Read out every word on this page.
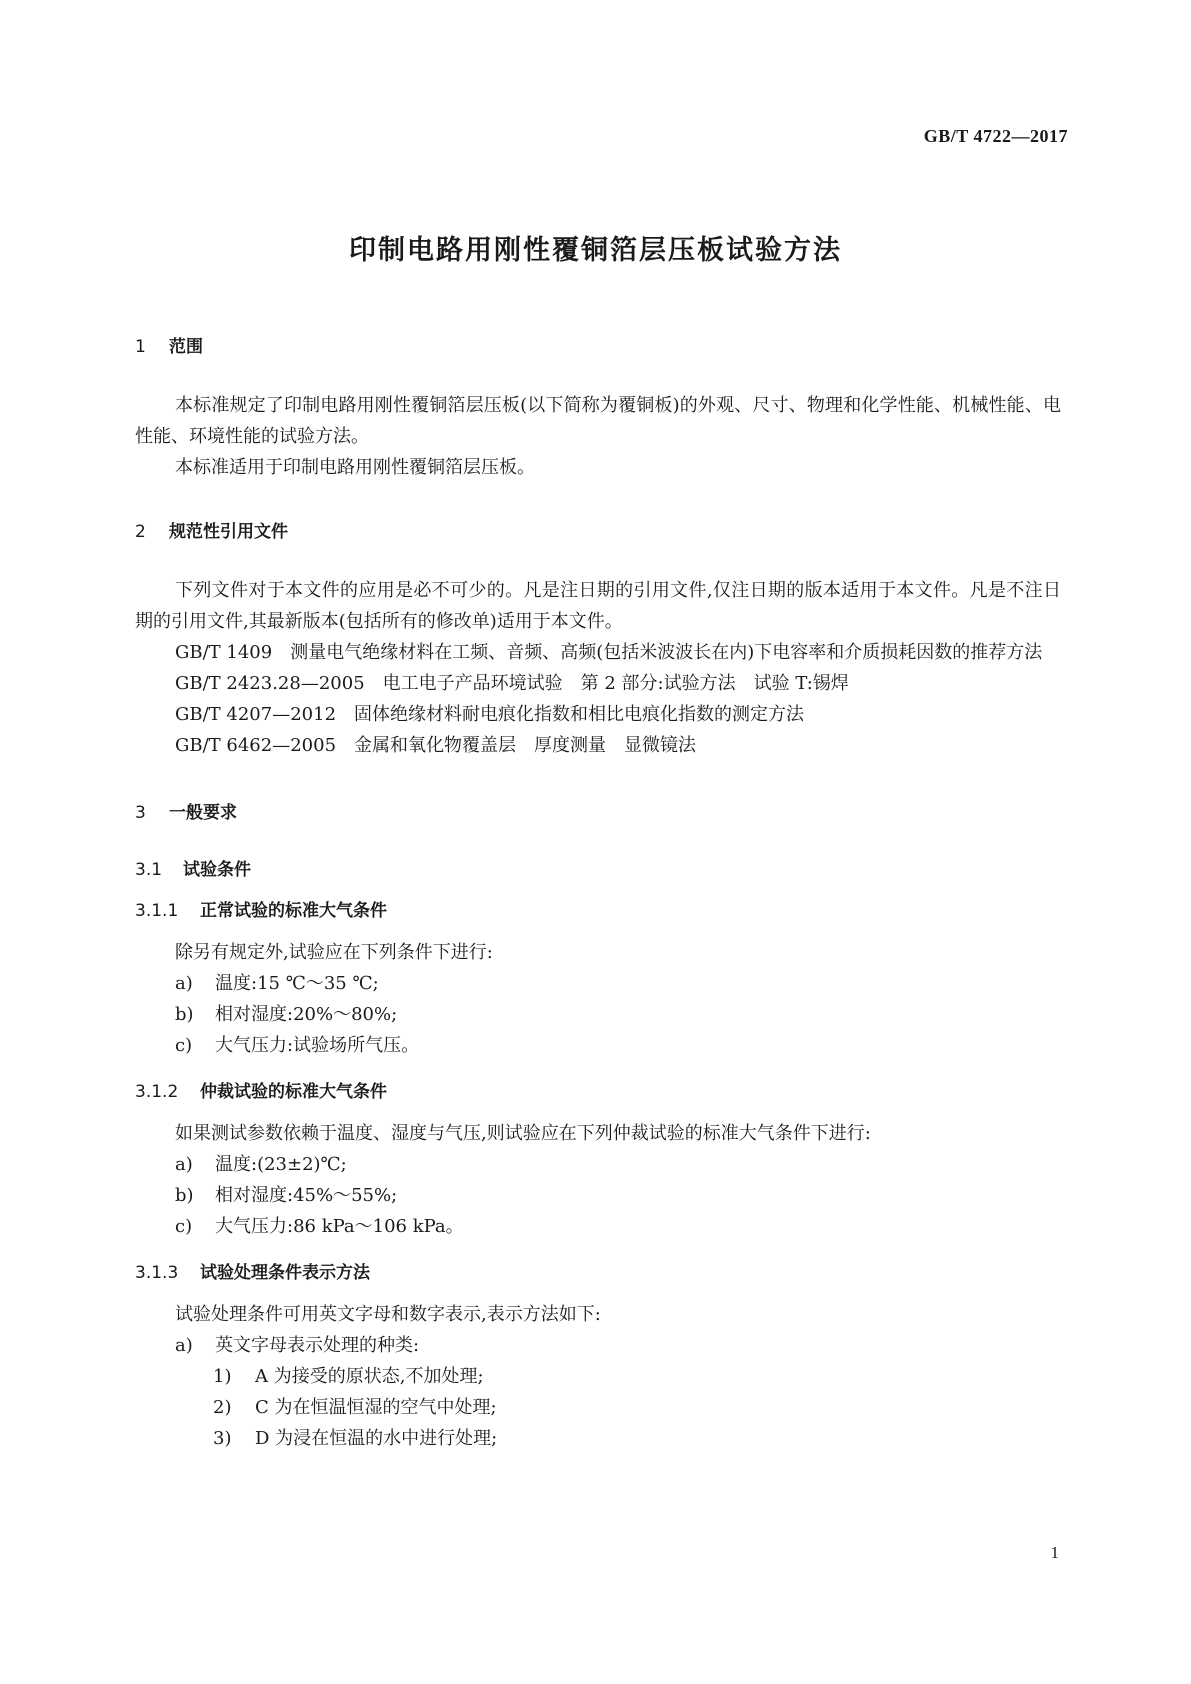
GB/T 4722—2017
印制电路用刚性覆铜箔层压板试验方法
1 范围

本标准规定了印制电路用刚性覆铜箔层压板(以下简称为覆铜板)的外观、尺寸、物理和化学性能、机械性能、电性能、环境性能的试验方法。

本标准适用于印制电路用刚性覆铜箔层压板。

2 规范性引用文件

下列文件对于本文件的应用是必不可少的。凡是注日期的引用文件,仅注日期的版本适用于本文件。凡是不注日期的引用文件,其最新版本(包括所有的修改单)适用于本文件。

GB/T 1409 测量电气绝缘材料在工频、音频、高频(包括米波波长在内)下电容率和介质损耗因数的推荐方法

GB/T 2423.28—2005 电工电子产品环境试验　第 2 部分:试验方法　试验 T:锡焊

GB/T 4207—2012 固体绝缘材料耐电痕化指数和相比电痕化指数的测定方法

GB/T 6462—2005 金属和氧化物覆盖层　厚度测量　显微镜法

3 一般要求
3.1 试验条件
3.1.1 正常试验的标准大气条件

除另有规定外,试验应在下列条件下进行:

a) 温度:15 ℃～35 ℃;

b) 相对湿度:20%～80%;

c) 大气压力:试验场所气压。

3.1.2 仲裁试验的标准大气条件

如果测试参数依赖于温度、湿度与气压,则试验应在下列仲裁试验的标准大气条件下进行:

a) 温度:(23±2)℃;

b) 相对湿度:45%～55%;

c) 大气压力:86 kPa～106 kPa。

3.1.3 试验处理条件表示方法

试验处理条件可用英文字母和数字表示,表示方法如下:

a) 英文字母表示处理的种类:

1) A 为接受的原状态,不加处理;

2) C 为在恒温恒湿的空气中处理;

3) D 为浸在恒温的水中进行处理;

1
